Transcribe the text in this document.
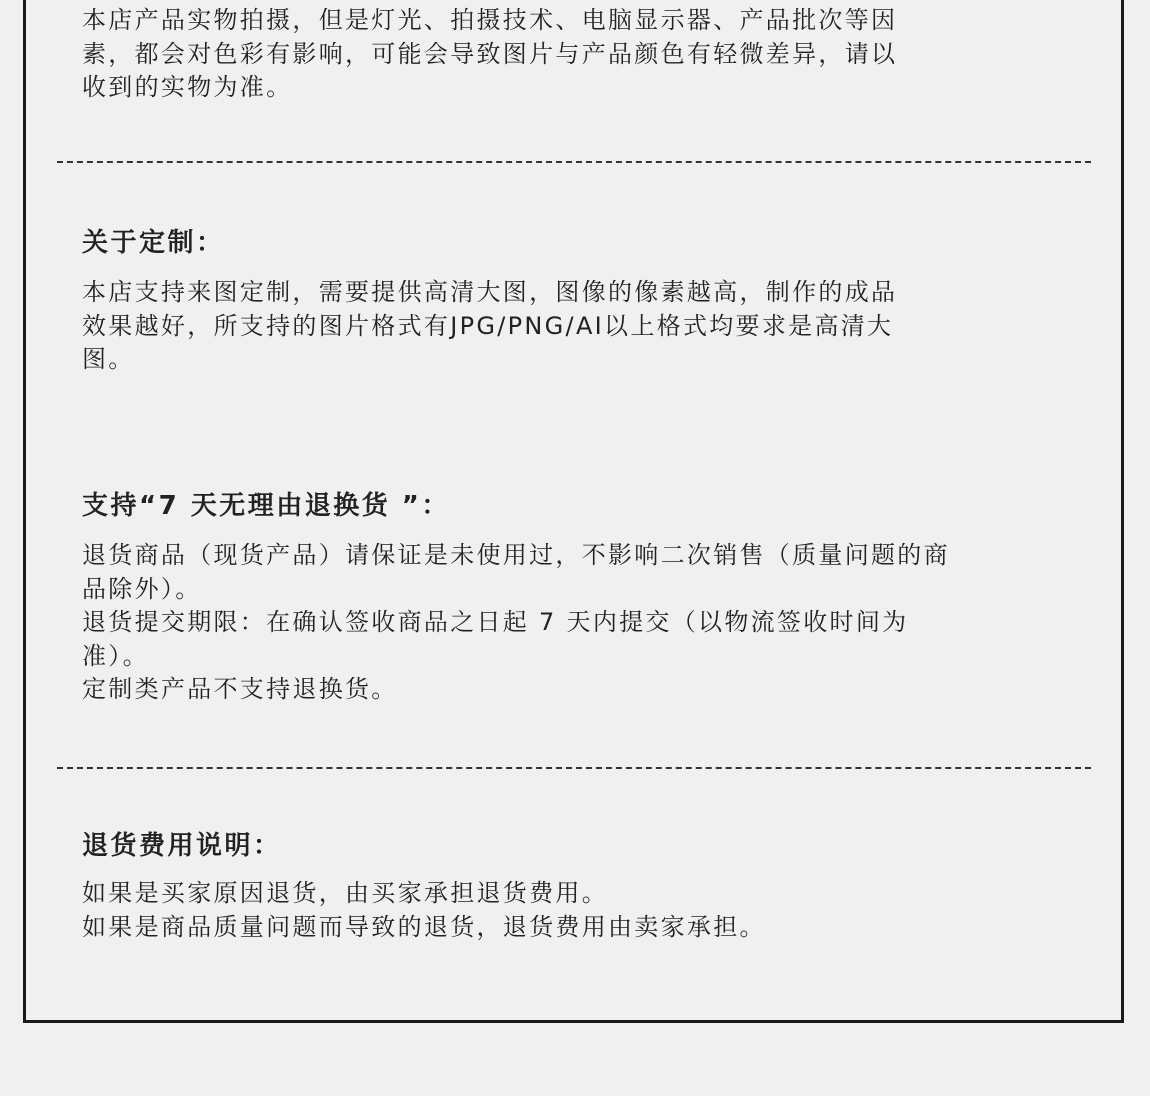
本店产品实物拍摄，但是灯光、拍摄技术、电脑显示器、产品批次等因
素，都会对色彩有影响，可能会导致图片与产品颜色有轻微差异，请以
收到的实物为准。
关于定制：
本店支持来图定制，需要提供高清大图，图像的像素越高，制作的成品
效果越好，所支持的图片格式有JPG/PNG/AI以上格式均要求是高清大
图。
支持“7 天无理由退换货 ”：
退货商品（现货产品）请保证是未使用过，不影响二次销售（质量问题的商
品除外）。
退货提交期限：在确认签收商品之日起 7 天内提交（以物流签收时间为
准）。
定制类产品不支持退换货。
退货费用说明：
如果是买家原因退货，由买家承担退货费用。
如果是商品质量问题而导致的退货，退货费用由卖家承担。
